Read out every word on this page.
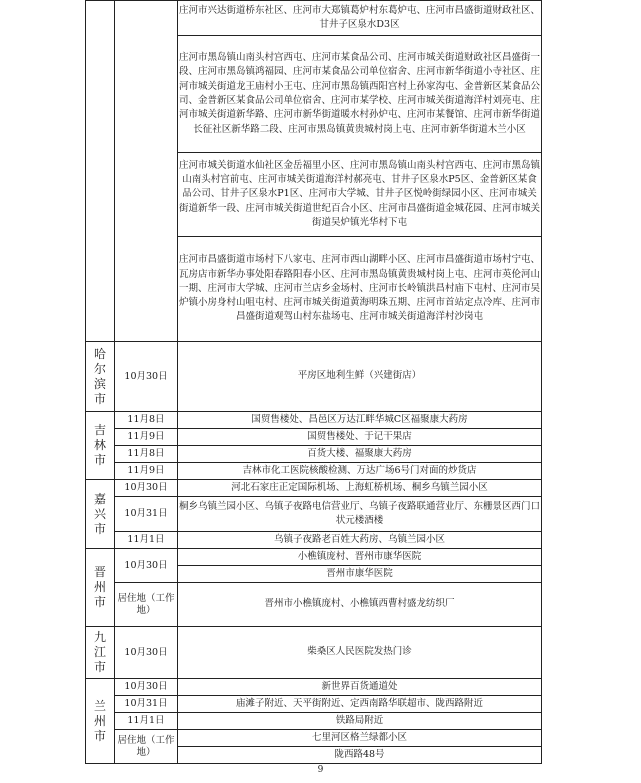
		庄河市兴达街道桥东社区、庄河市大郑镇葛炉村东葛炉屯、庄河市昌盛街道财政社区、甘井子区泉水D3区
		庄河市黑岛镇山南头村宫西屯、庄河市某食品公司、庄河市城关街道财政社区昌盛街一段、庄河市黑岛镇鸿福园、庄河市某食品公司单位宿舍、庄河市新华街道小寺社区、庄河市城关街道龙王庙村小王屯、庄河市黑岛镇西阳宫村上孙家沟屯、金普新区某食品公司、金普新区某食品公司单位宿舍、庄河市某学校、庄河市城关街道海洋村刘亮屯、庄河市城关街道新华路、庄河市新华街道暖水村孙炉屯、庄河市某餐馆、庄河市新华街道长征社区新华路二段、庄河市黑岛镇黄贵城村岗上屯、庄河市新华街道木兰小区
		庄河市城关街道水仙社区金岳福里小区、庄河市黑岛镇山南头村宫西屯、庄河市黑岛镇山南头村宫前屯、庄河市城关街道海洋村郝亮屯、甘井子区泉水P5区、金普新区某食品公司、甘井子区泉水P1区、庄河市大学城、甘井子区悦岭街绿园小区、庄河市城关街道新华一段、庄河市城关街道世纪百合小区、庄河市昌盛街道金城花园、庄河市城关街道吴炉镇光华村下屯
		庄河市昌盛街道市场村下八家屯、庄河市西山湖畔小区、庄河市昌盛街道市场村宁屯、瓦房店市新华办事处阳春路阳春小区、庄河市黑岛镇黄贵城村岗上屯、庄河市英伦河山一期、庄河市大学城、庄河市兰店乡金场村、庄河市长岭镇洪昌村庙下屯村、庄河市吴炉镇小房身村山咀屯村、庄河市城关街道黄海明珠五期、庄河市首站定点冷库、庄河市昌盛街道观驾山村东盐场屯、庄河市城关街道海洋村沙岗屯

哈尔滨市	10月30日	平房区地利生鲜（兴建街店）

吉林市	11月8日	国贸售楼处、昌邑区万达江畔华城C区福聚康大药房
	11月9日	国贸售楼处、于记干果店
	11月8日	百货大楼、福聚康大药房
	11月9日	吉林市化工医院核酸检测、万达广场6号门对面的炒货店

嘉兴市	10月30日	河北石家庄正定国际机场、上海虹桥机场、桐乡乌镇兰园小区
	10月31日	桐乡乌镇兰园小区、乌镇子夜路电信营业厅、乌镇子夜路联通营业厅、东栅景区西门口状元楼酒楼
	11月1日	乌镇子夜路老百姓大药房、乌镇兰园小区

晋州市	10月30日	小樵镇庞村、晋州市康华医院
		晋州市康华医院
	居住地（工作地）	晋州市小樵镇庞村、小樵镇西曹村盛龙纺织厂

九江市	10月30日	柴桑区人民医院发热门诊

兰州市	10月30日	新世界百货通道处
	10月31日	庙滩子附近、天平街附近、定西南路华联超市、陇西路附近
	11月1日	铁路局附近
	居住地（工作地）	七里河区格兰绿都小区
		陇西路48号
9
